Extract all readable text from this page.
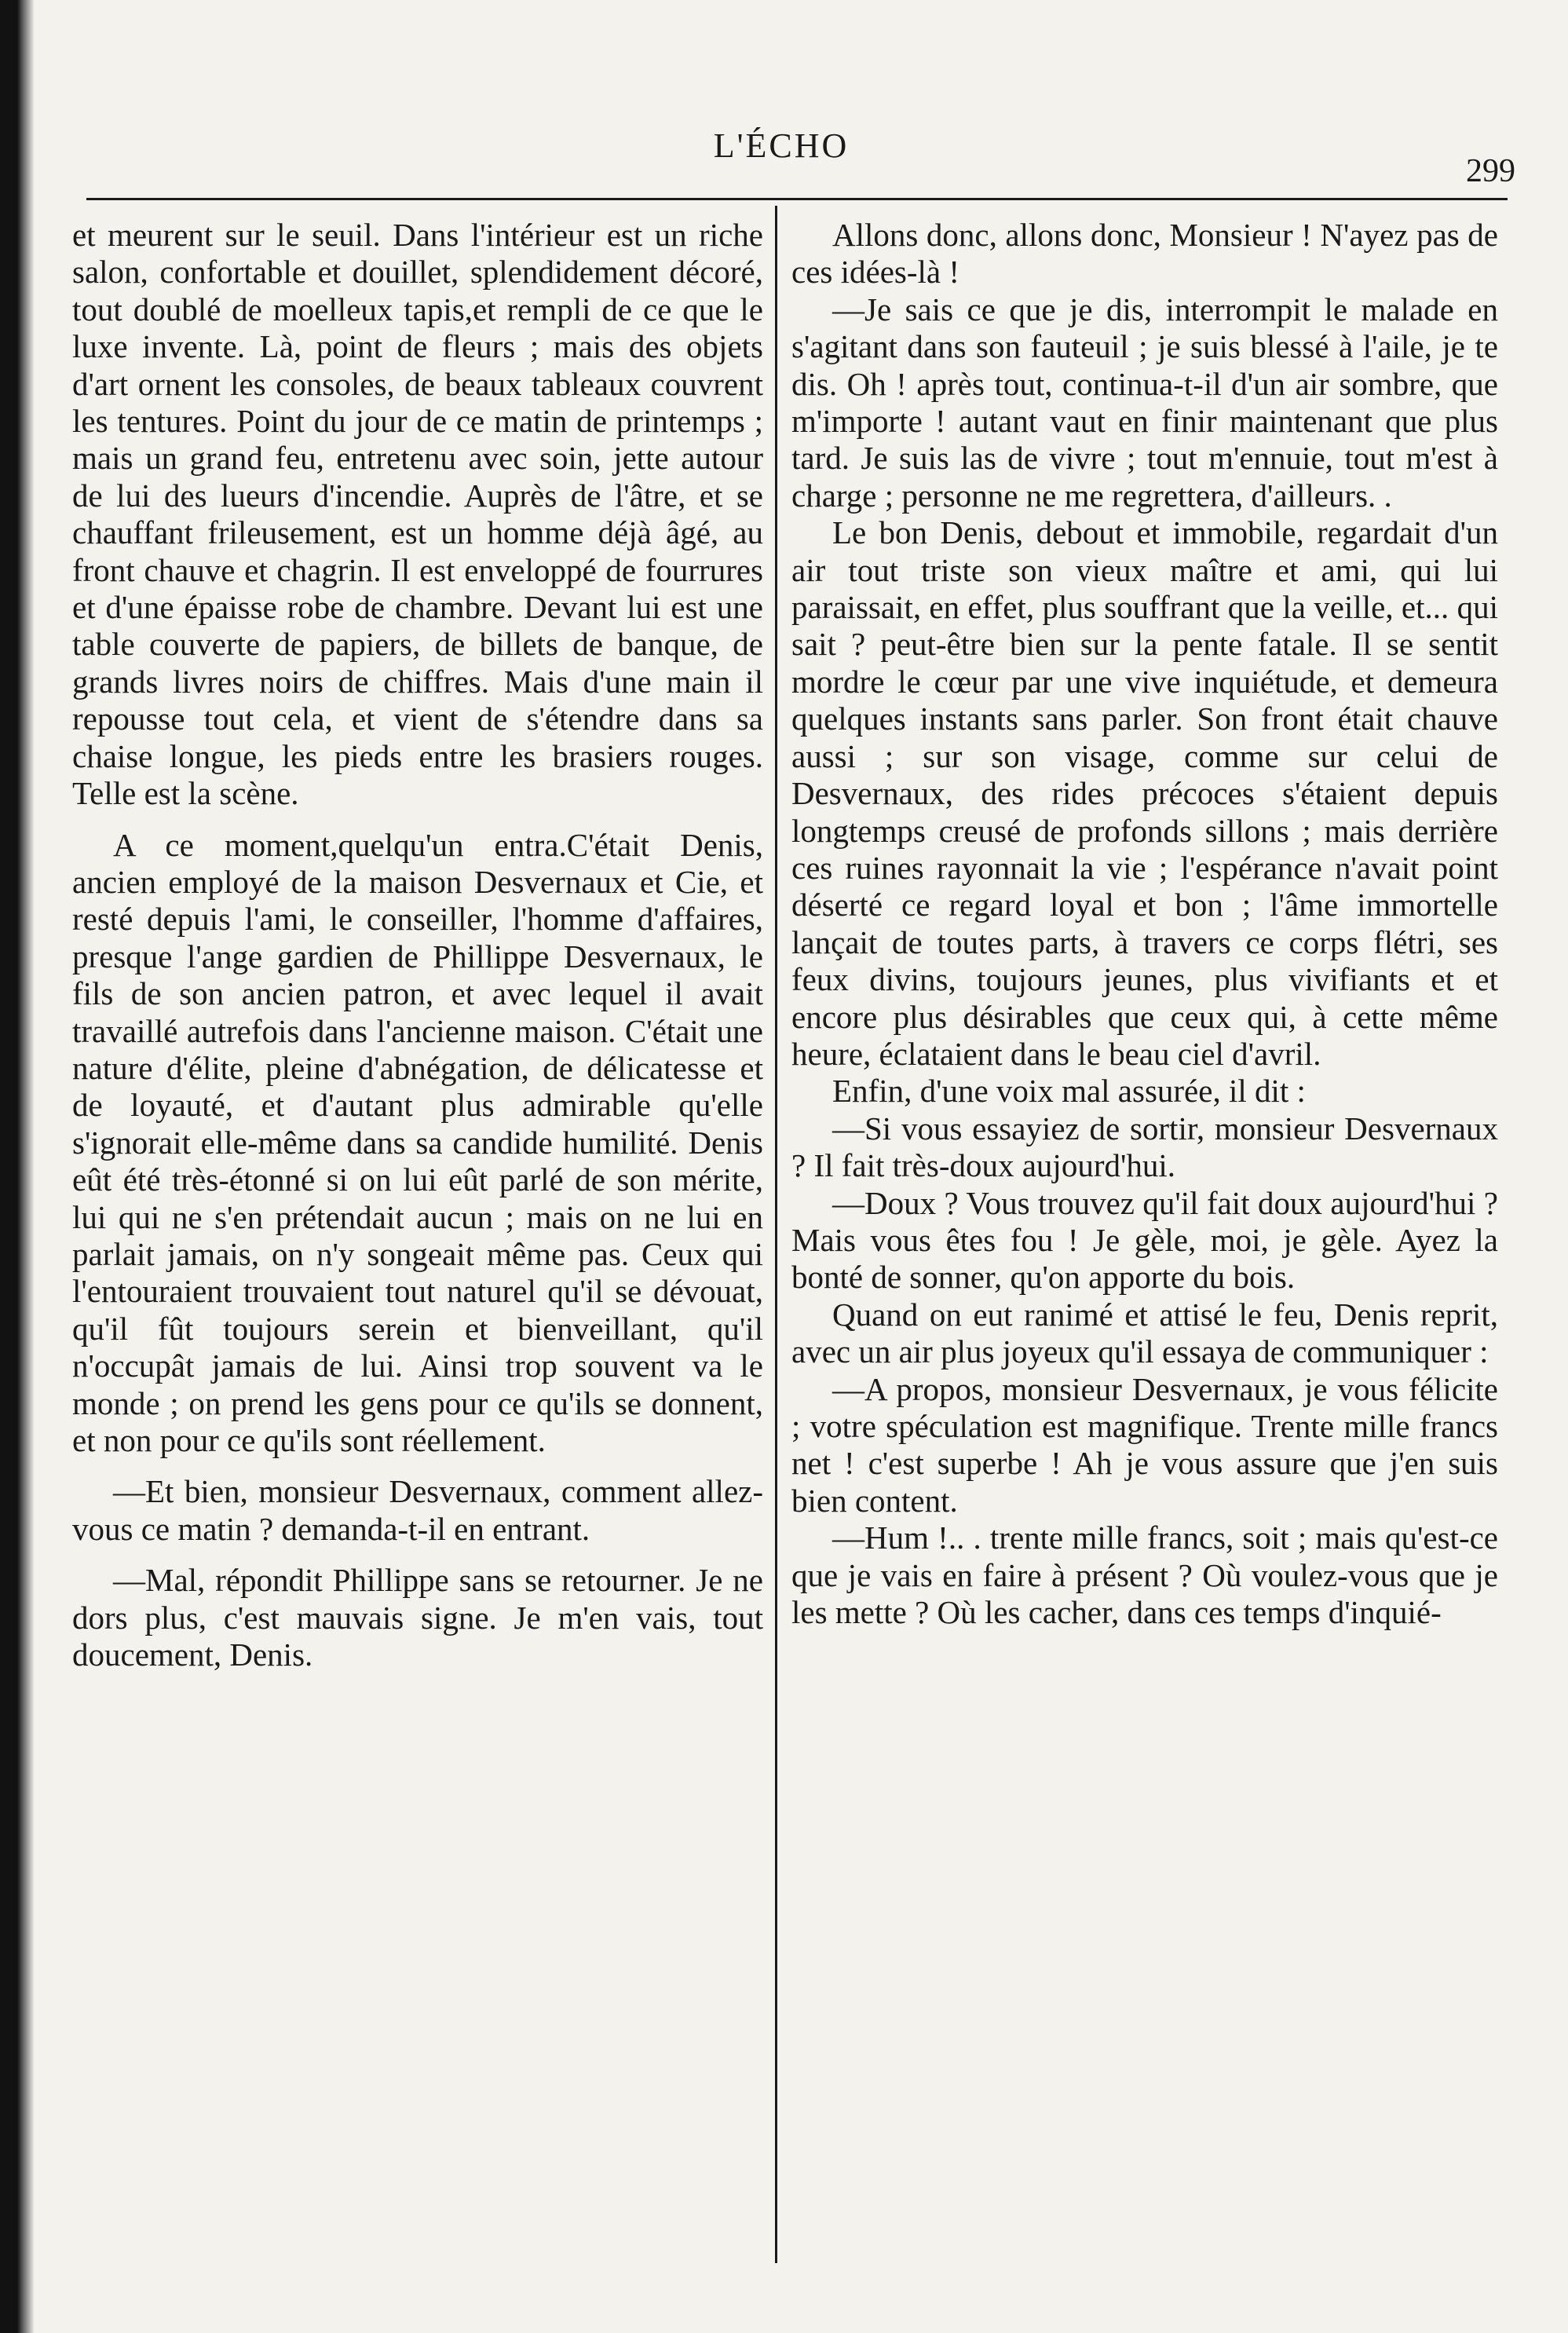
L'ÉCHO
299

et meurent sur le seuil. Dans l'intérieur est un riche salon, confortable et douillet, splendidement décoré, tout doublé de moelleux tapis,et rempli de ce que le luxe invente. Là, point de fleurs ; mais des objets d'art ornent les consoles, de beaux tableaux couvrent les tentures. Point du jour de ce matin de printemps ; mais un grand feu, entretenu avec soin, jette autour de lui des lueurs d'incendie. Auprès de l'âtre, et se chauffant frileusement, est un homme déjà âgé, au front chauve et chagrin. Il est enveloppé de fourrures et d'une épaisse robe de chambre. Devant lui est une table couverte de papiers, de billets de banque, de grands livres noirs de chiffres. Mais d'une main il repousse tout cela, et vient de s'étendre dans sa chaise longue, les pieds entre les brasiers rouges. Telle est la scène.

A ce moment,quelqu'un entra.C'était Denis, ancien employé de la maison Desvernaux et Cie, et resté depuis l'ami, le conseiller, l'homme d'affaires, presque l'ange gardien de Phillippe Desvernaux, le fils de son ancien patron, et avec lequel il avait travaillé autrefois dans l'ancienne maison. C'était une nature d'élite, pleine d'abnégation, de délicatesse et de loyauté, et d'autant plus admirable qu'elle s'ignorait elle-même dans sa candide humilité. Denis eût été très-étonné si on lui eût parlé de son mérite, lui qui ne s'en prétendait aucun ; mais on ne lui en parlait jamais, on n'y songeait même pas. Ceux qui l'entouraient trouvaient tout naturel qu'il se dévouat, qu'il fût toujours serein et bienveillant, qu'il n'occupât jamais de lui. Ainsi trop souvent va le monde ; on prend les gens pour ce qu'ils se donnent, et non pour ce qu'ils sont réellement.

—Et bien, monsieur Desvernaux, comment allez-vous ce matin ? demanda-t-il en entrant.

—Mal, répondit Phillippe sans se retourner. Je ne dors plus, c'est mauvais signe. Je m'en vais, tout doucement, Denis.

Allons donc, allons donc, Monsieur ! N'ayez pas de ces idées-là !

—Je sais ce que je dis, interrompit le malade en s'agitant dans son fauteuil ; je suis blessé à l'aile, je te dis. Oh ! après tout, continua-t-il d'un air sombre, que m'importe ! autant vaut en finir maintenant que plus tard. Je suis las de vivre ; tout m'ennuie, tout m'est à charge ; personne ne me regrettera, d'ailleurs. .

Le bon Denis, debout et immobile, regardait d'un air tout triste son vieux maître et ami, qui lui paraissait, en effet, plus souffrant que la veille, et... qui sait ? peut-être bien sur la pente fatale. Il se sentit mordre le cœur par une vive inquiétude, et demeura quelques instants sans parler. Son front était chauve aussi ; sur son visage, comme sur celui de Desvernaux, des rides précoces s'étaient depuis longtemps creusé de profonds sillons ; mais derrière ces ruines rayonnait la vie ; l'espérance n'avait point déserté ce regard loyal et bon ; l'âme immortelle lançait de toutes parts, à travers ce corps flétri, ses feux divins, toujours jeunes, plus vivifiants et et encore plus désirables que ceux qui, à cette même heure, éclataient dans le beau ciel d'avril.

Enfin, d'une voix mal assurée, il dit :

—Si vous essayiez de sortir, monsieur Desvernaux ? Il fait très-doux aujourd'hui.

—Doux ? Vous trouvez qu'il fait doux aujourd'hui ? Mais vous êtes fou ! Je gèle, moi, je gèle. Ayez la bonté de sonner, qu'on apporte du bois.

Quand on eut ranimé et attisé le feu, Denis reprit, avec un air plus joyeux qu'il essaya de communiquer :

—A propos, monsieur Desvernaux, je vous félicite ; votre spéculation est magnifique. Trente mille francs net ! c'est superbe ! Ah je vous assure que j'en suis bien content.

—Hum !.. . trente mille francs, soit ; mais qu'est-ce que je vais en faire à présent ? Où voulez-vous que je les mette ? Où les cacher, dans ces temps d'inquié-
